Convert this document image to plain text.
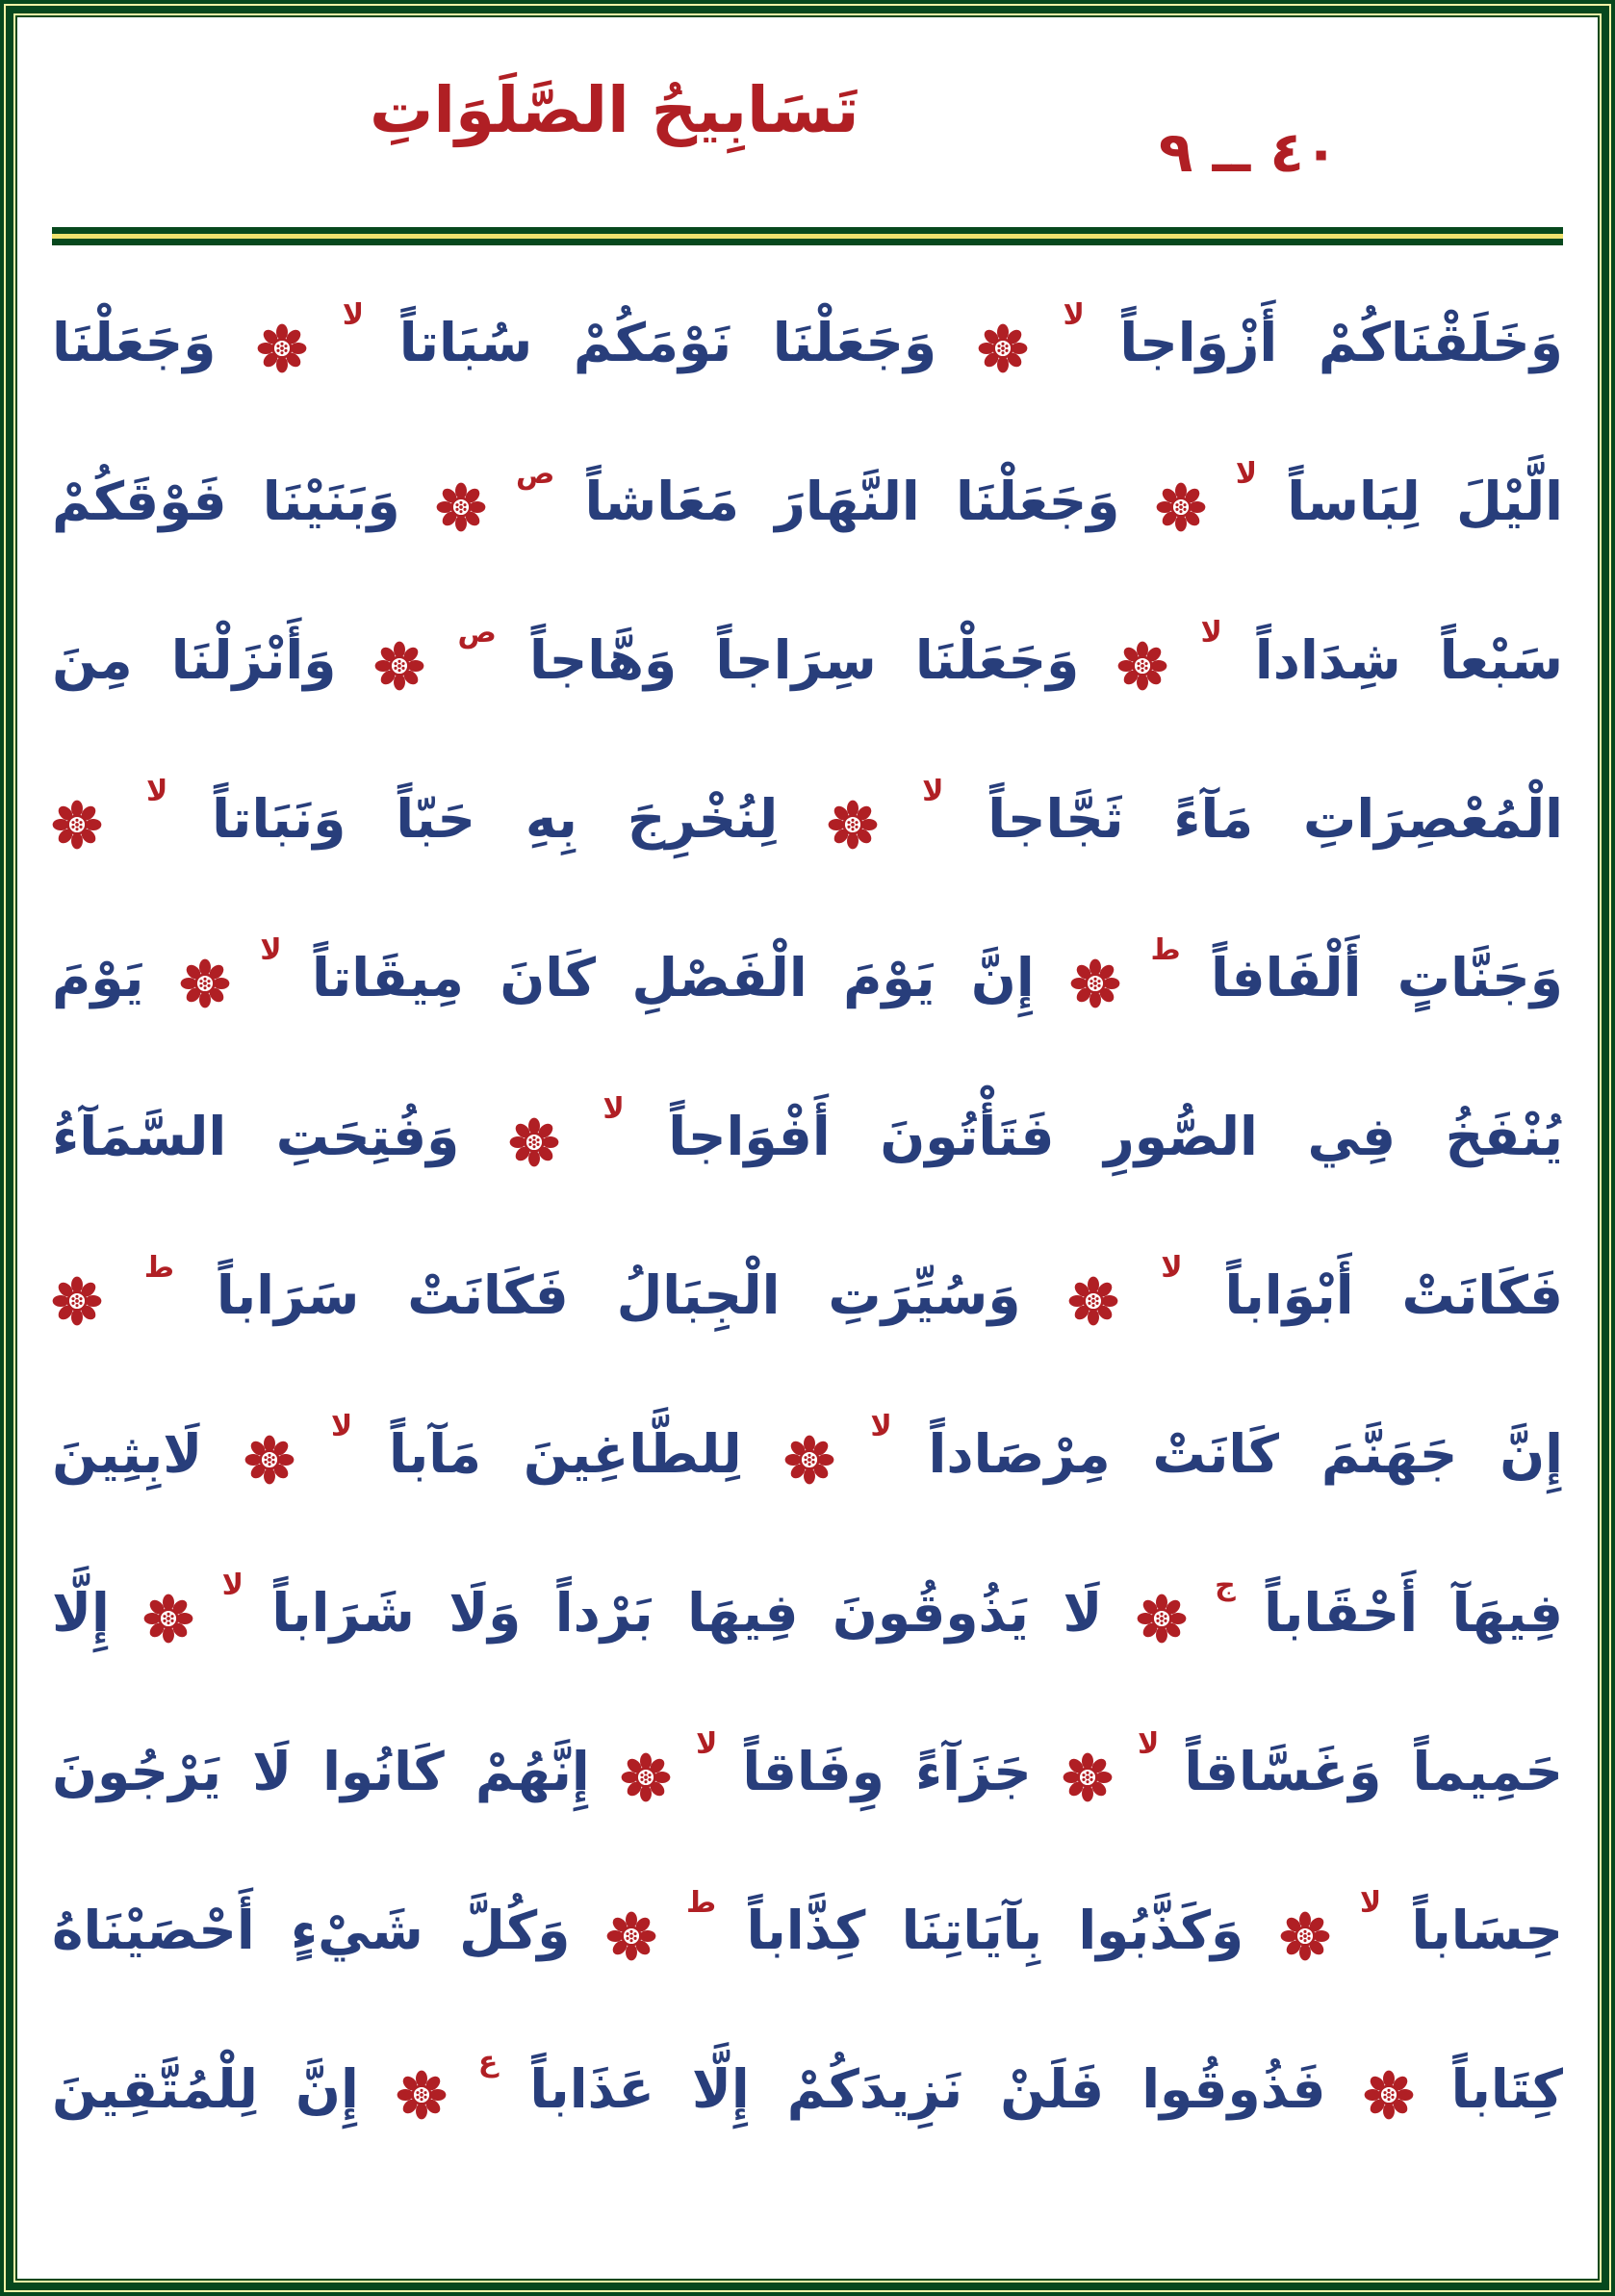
تَسَابِيحُ الصَّلَوَاتِ
٤٠ ــ ٩
وَخَلَقْنَاكُمْ
أَزْوَاجاً
لا
وَجَعَلْنَا
نَوْمَكُمْ
سُبَاتاً
لا
وَجَعَلْنَا
الَّيْلَ
لِبَاساً
لا
وَجَعَلْنَا
النَّهَارَ
مَعَاشاً
ص
وَبَنَيْنَا
فَوْقَكُمْ
سَبْعاً
شِدَاداً
لا
وَجَعَلْنَا
سِرَاجاً
وَهَّاجاً
ص
وَأَنْزَلْنَا
مِنَ
الْمُعْصِرَاتِ
مَآءً
ثَجَّاجاً
لا
لِنُخْرِجَ
بِهِ
حَبّاً
وَنَبَاتاً
لا
وَجَنَّاتٍ
أَلْفَافاً
ط
إِنَّ
يَوْمَ
الْفَصْلِ
كَانَ
مِيقَاتاً
لا
يَوْمَ
يُنْفَخُ
فِي
الصُّورِ
فَتَأْتُونَ
أَفْوَاجاً
لا
وَفُتِحَتِ
السَّمَآءُ
فَكَانَتْ
أَبْوَاباً
لا
وَسُيِّرَتِ
الْجِبَالُ
فَكَانَتْ
سَرَاباً
ط
إِنَّ
جَهَنَّمَ
كَانَتْ
مِرْصَاداً
لا
لِلطَّاغِينَ
مَآباً
لا
لَابِثِينَ
فِيهَآ
أَحْقَاباً
ج
لَا
يَذُوقُونَ
فِيهَا
بَرْداً
وَلَا
شَرَاباً
لا
إِلَّا
حَمِيماً
وَغَسَّاقاً
لا
جَزَآءً
وِفَاقاً
لا
إِنَّهُمْ
كَانُوا
لَا
يَرْجُونَ
حِسَاباً
لا
وَكَذَّبُوا
بِآيَاتِنَا
كِذَّاباً
ط
وَكُلَّ
شَيْءٍ
أَحْصَيْنَاهُ
كِتَاباً
فَذُوقُوا
فَلَنْ
نَزِيدَكُمْ
إِلَّا
عَذَاباً
ع
إِنَّ
لِلْمُتَّقِينَ
